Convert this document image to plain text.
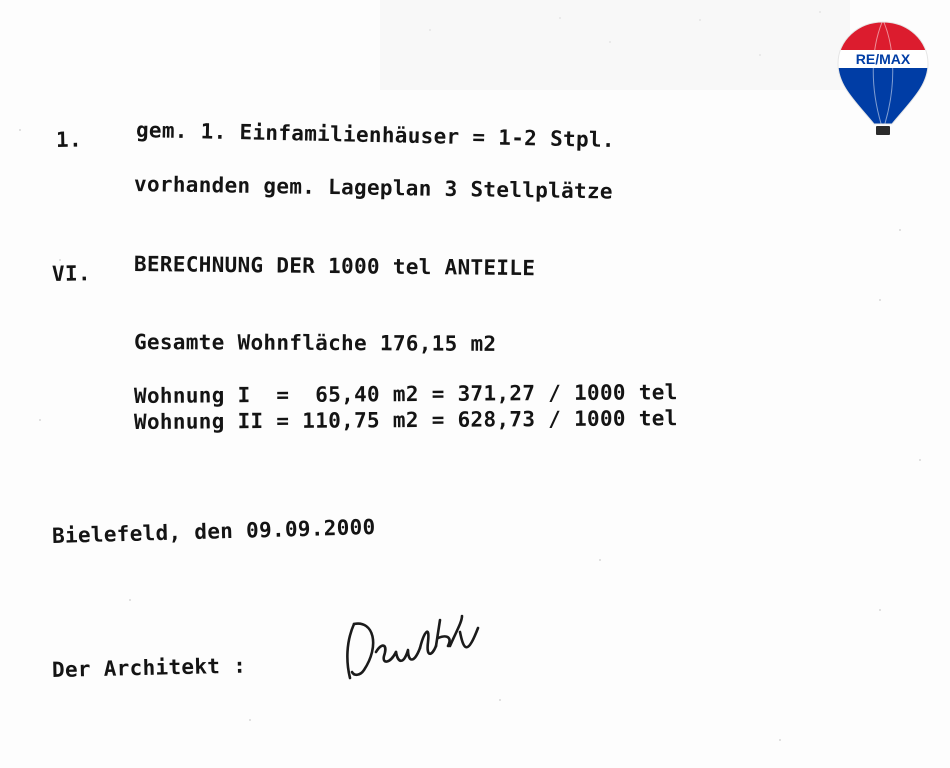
1.	gem. 1. Einfamilienhäuser = 1-2 Stpl.

vorhanden gem. Lageplan 3 Stellplätze

VI. BERECHNUNG DER 1000 tel ANTEILE

Gesamte Wohnfläche 176,15 m2

Wohnung I  =  65,40 m2 = 371,27 / 1000 tel

Wohnung II = 110,75 m2 = 628,73 / 1000 tel

Bielefeld, den 09.09.2000

Der Architekt :

RE/MAX
